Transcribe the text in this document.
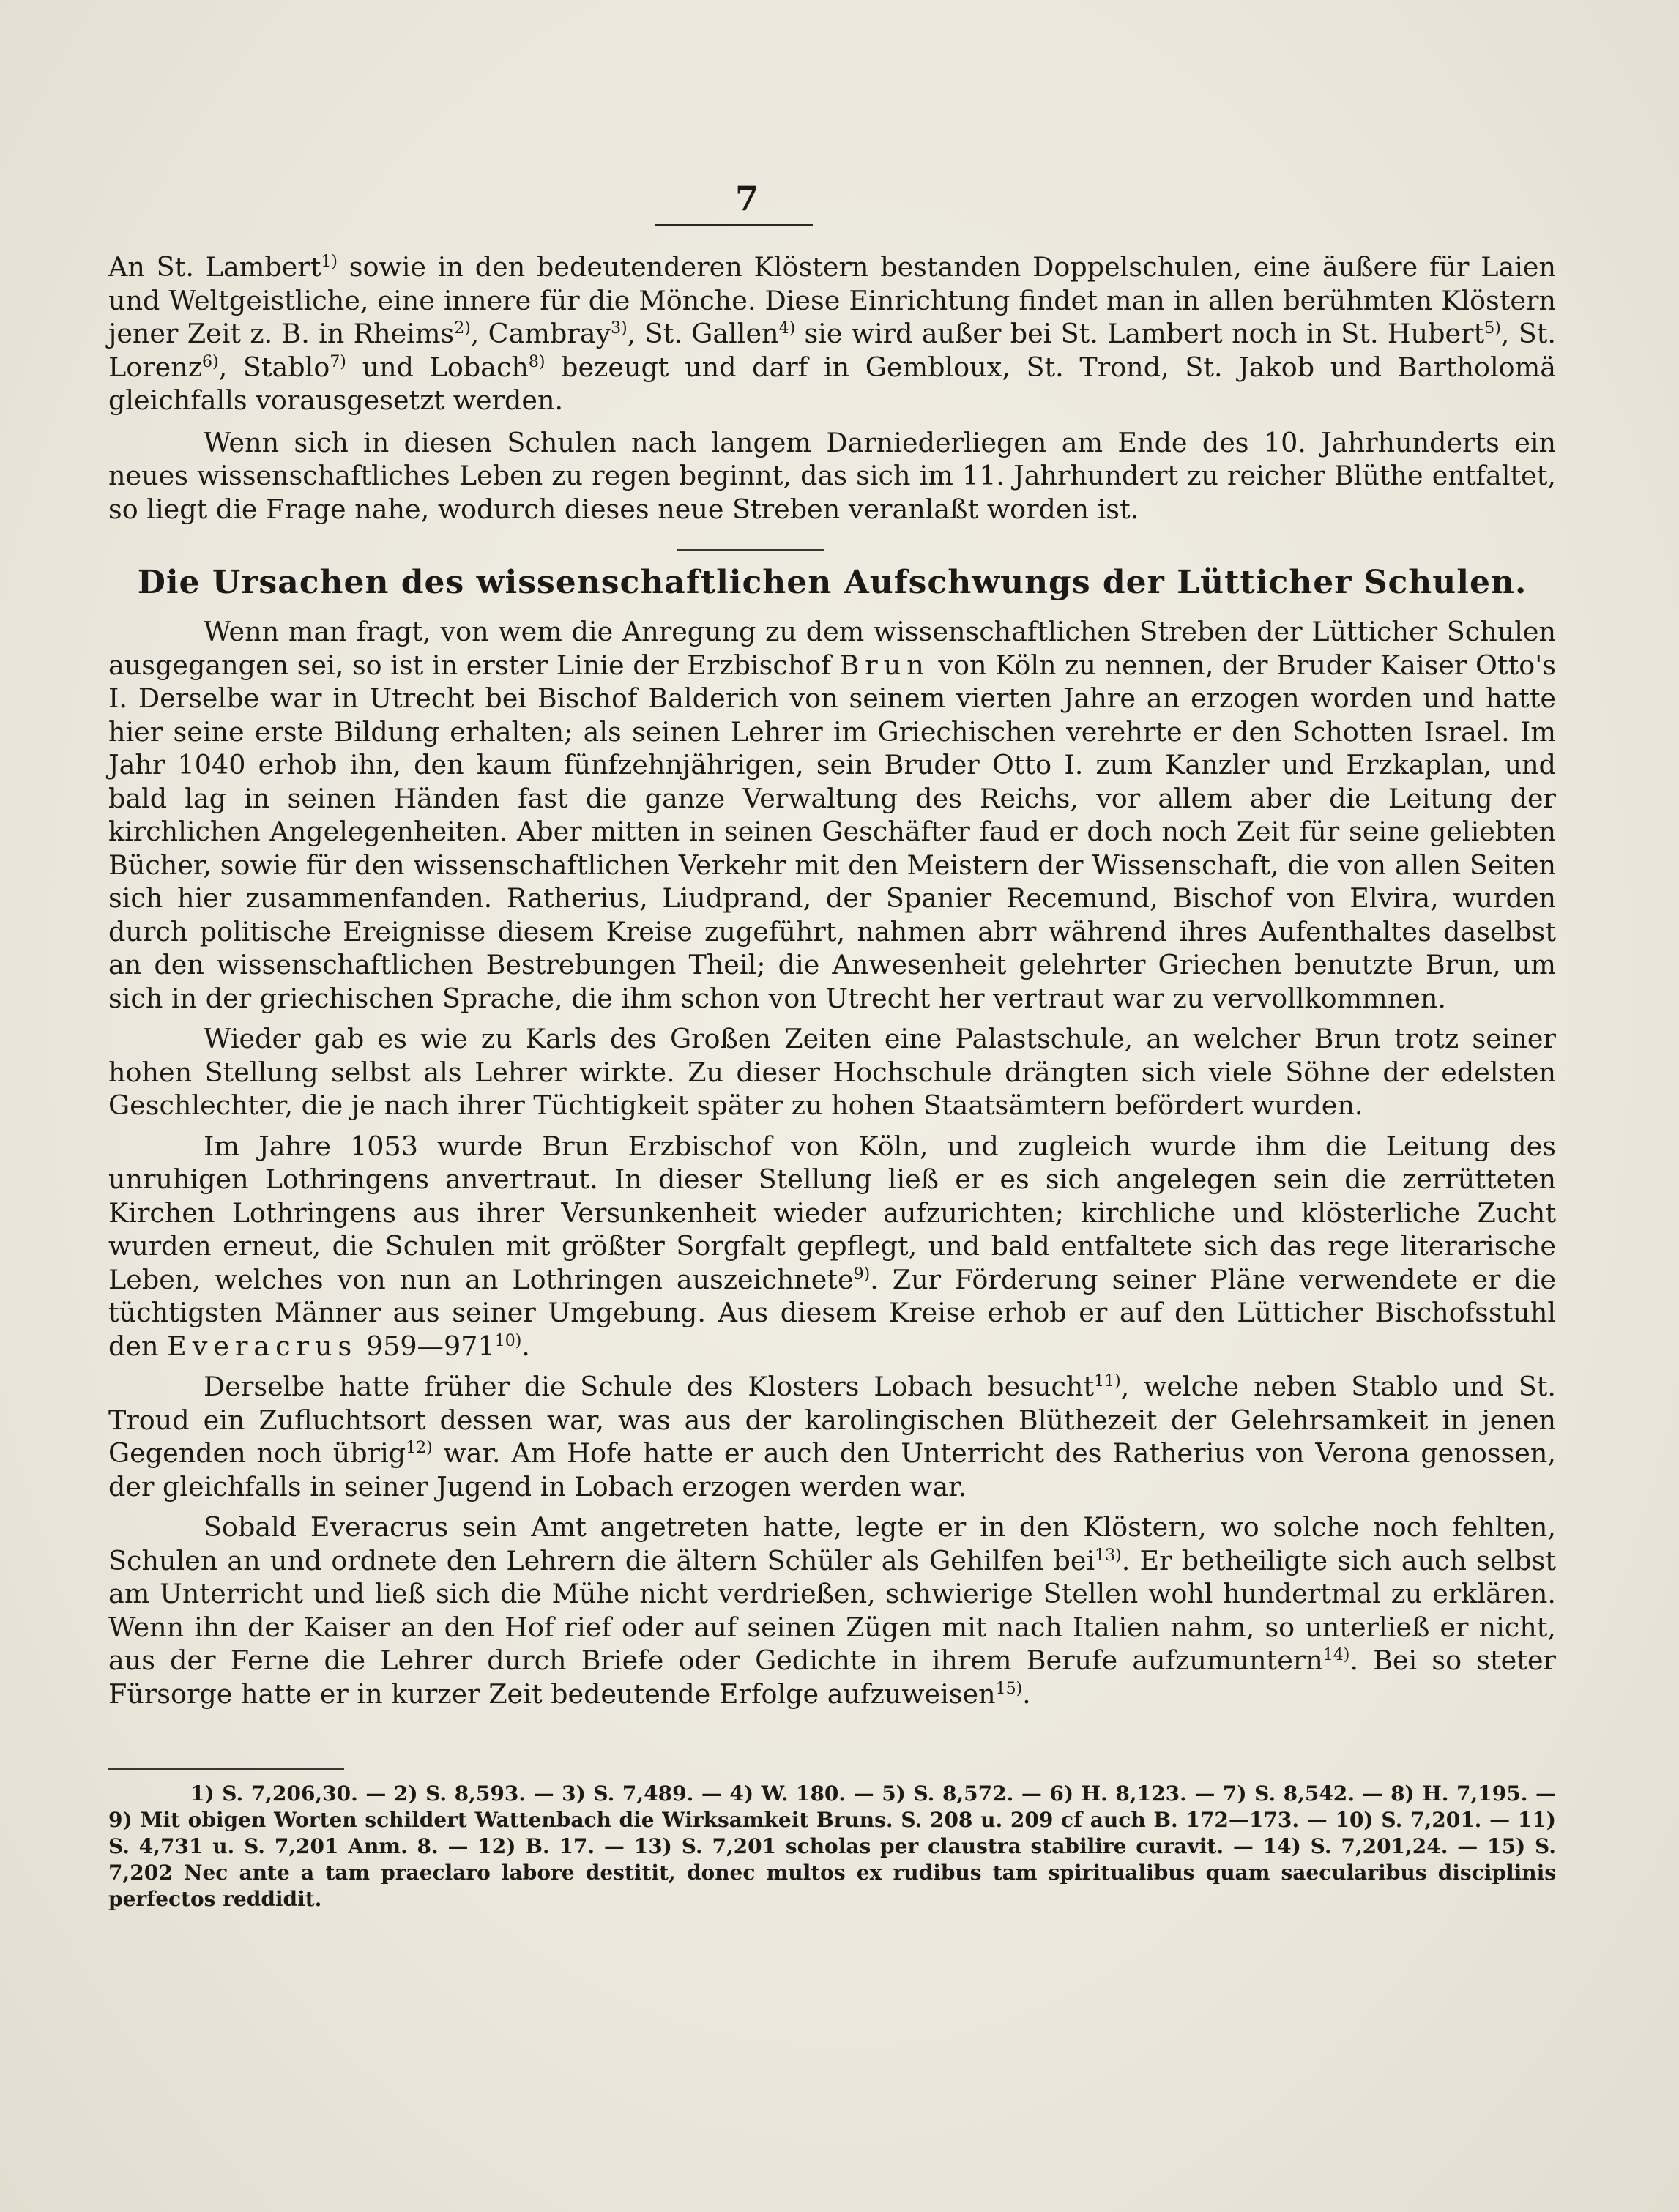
7

An St. Lambert$^{1)}$ sowie in den bedeutenderen Klöstern bestanden Doppelschulen, eine äußere für Laien und Weltgeistliche, eine innere für die Mönche. Diese Einrichtung findet man in allen berühmten Klöstern jener Zeit z. B. in Rheims$^{2)}$, Cambray$^{3)}$, St. Gallen$^{4)}$ sie wird außer bei St. Lambert noch in St. Hubert$^{5)}$, St. Lorenz$^{6)}$, Stablo$^{7)}$ und Lobach$^{8)}$ bezeugt und darf in Gembloux, St. Trond, St. Jakob und Bartholomä gleichfalls vorausgesetzt werden.

Wenn sich in diesen Schulen nach langem Darniederliegen am Ende des 10. Jahrhunderts ein neues wissenschaftliches Leben zu regen beginnt, das sich im 11. Jahrhundert zu reicher Blüthe entfaltet, so liegt die Frage nahe, wodurch dieses neue Streben veranlaßt worden ist.

Die Ursachen des wissenschaftlichen Aufschwungs der Lütticher Schulen.

Wenn man fragt, von wem die Anregung zu dem wissenschaftlichen Streben der Lütticher Schulen ausgegangen sei, so ist in erster Linie der Erzbischof Brun von Köln zu nennen, der Bruder Kaiser Otto's I. Derselbe war in Utrecht bei Bischof Balderich von seinem vierten Jahre an erzogen worden und hatte hier seine erste Bildung erhalten; als seinen Lehrer im Griechischen verehrte er den Schotten Israel. Im Jahr 1040 erhob ihn, den kaum fünfzehnjährigen, sein Bruder Otto I. zum Kanzler und Erzkaplan, und bald lag in seinen Händen fast die ganze Verwaltung des Reichs, vor allem aber die Leitung der kirchlichen Angelegenheiten. Aber mitten in seinen Geschäfter faud er doch noch Zeit für seine geliebten Bücher, sowie für den wissenschaftlichen Verkehr mit den Meistern der Wissenschaft, die von allen Seiten sich hier zusammenfanden. Ratherius, Liudprand, der Spanier Recemund, Bischof von Elvira, wurden durch politische Ereignisse diesem Kreise zugeführt, nahmen abrr während ihres Aufenthaltes daselbst an den wissenschaftlichen Bestrebungen Theil; die Anwesenheit gelehrter Griechen benutzte Brun, um sich in der griechischen Sprache, die ihm schon von Utrecht her vertraut war zu vervollkommnen.

Wieder gab es wie zu Karls des Großen Zeiten eine Palastschule, an welcher Brun trotz seiner hohen Stellung selbst als Lehrer wirkte. Zu dieser Hochschule drängten sich viele Söhne der edelsten Geschlechter, die je nach ihrer Tüchtigkeit später zu hohen Staatsämtern befördert wurden.

Im Jahre 1053 wurde Brun Erzbischof von Köln, und zugleich wurde ihm die Leitung des unruhigen Lothringens anvertraut. In dieser Stellung ließ er es sich angelegen sein die zerrütteten Kirchen Lothringens aus ihrer Versunkenheit wieder aufzurichten; kirchliche und klösterliche Zucht wurden erneut, die Schulen mit größter Sorgfalt gepflegt, und bald entfaltete sich das rege literarische Leben, welches von nun an Lothringen auszeichnete$^{9)}$. Zur Förderung seiner Pläne verwendete er die tüchtigsten Männer aus seiner Umgebung. Aus diesem Kreise erhob er auf den Lütticher Bischofsstuhl den Everacrus 959—971$^{10)}$.

Derselbe hatte früher die Schule des Klosters Lobach besucht$^{11)}$, welche neben Stablo und St. Troud ein Zufluchtsort dessen war, was aus der karolingischen Blüthezeit der Gelehrsamkeit in jenen Gegenden noch übrig$^{12)}$ war. Am Hofe hatte er auch den Unterricht des Ratherius von Verona genossen, der gleichfalls in seiner Jugend in Lobach erzogen werden war.

Sobald Everacrus sein Amt angetreten hatte, legte er in den Klöstern, wo solche noch fehlten, Schulen an und ordnete den Lehrern die ältern Schüler als Gehilfen bei$^{13)}$. Er betheiligte sich auch selbst am Unterricht und ließ sich die Mühe nicht verdrießen, schwierige Stellen wohl hundertmal zu erklären. Wenn ihn der Kaiser an den Hof rief oder auf seinen Zügen mit nach Italien nahm, so unterließ er nicht, aus der Ferne die Lehrer durch Briefe oder Gedichte in ihrem Berufe aufzumuntern$^{14)}$. Bei so steter Fürsorge hatte er in kurzer Zeit bedeutende Erfolge aufzuweisen$^{15)}$.

1) S. 7,206,30. — 2) S. 8,593. — 3) S. 7,489. — 4) W. 180. — 5) S. 8,572. — 6) H. 8,123. — 7) S. 8,542. — 8) H. 7,195. — 9) Mit obigen Worten schildert Wattenbach die Wirksamkeit Bruns. S. 208 u. 209 cf auch B. 172—173. — 10) S. 7,201. — 11) S. 4,731 u. S. 7,201 Anm. 8. — 12) B. 17. — 13) S. 7,201 scholas per claustra stabilire curavit. — 14) S. 7,201,24. — 15) S. 7,202 Nec ante a tam praeclaro labore destitit, donec multos ex rudibus tam spiritualibus quam saecularibus disciplinis perfectos reddidit.
